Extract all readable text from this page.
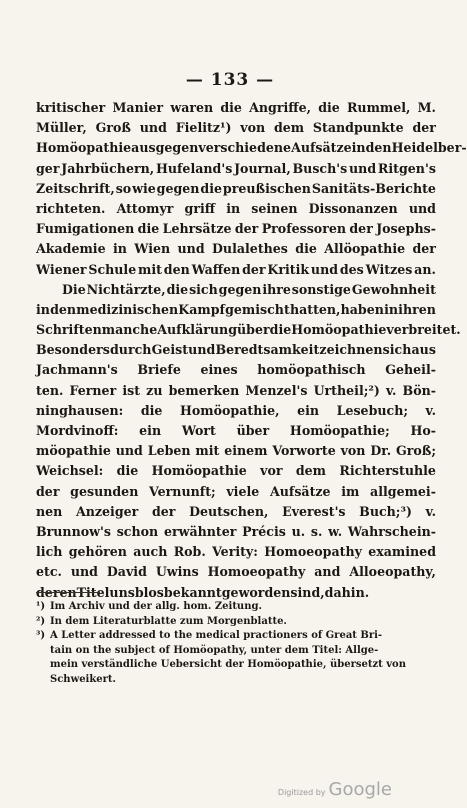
— 133 —
kritischer Manier waren die Angriffe, die Rummel, M.
Müller, Groß und Fielitz¹) von dem Standpunkte der
Homöopathie aus gegen verschiedene Aufsätze in den Heidelber-
ger Jahrbüchern, Hufeland's Journal, Busch's und Ritgen's
Zeitschrift, so wie gegen die preußischen Sanitäts-Berichte
richteten. Attomyr griff in seinen Dissonanzen und
Fumigationen die Lehrsätze der Professoren der Josephs-
Akademie in Wien und Dulalethes die Allöopathie der
Wiener Schule mit den Waffen der Kritik und des Witzes an.
Die Nichtärzte, die sich gegen ihre sonstige Gewohnheit
in den medizinischen Kampf gemischt hatten, haben in ihren
Schriften manche Aufklärung über die Homöopathie verbreitet.
Besonders durch Geist und Beredtsamkeit zeichnen sich aus
Jachmann's Briefe eines homöopathisch Geheil-
ten. Ferner ist zu bemerken Menzel's Urtheil;²) v. Bön-
ninghausen: die Homöopathie, ein Lesebuch; v.
Mordvinoff: ein Wort über Homöopathie; Ho-
möopathie und Leben mit einem Vorworte von Dr. Groß;
Weichsel: die Homöopathie vor dem Richterstuhle
der gesunden Vernunft; viele Aufsätze im allgemei-
nen Anzeiger der Deutschen, Everest's Buch;³) v.
Brunnow's schon erwähnter Précis u. s. w. Wahrschein-
lich gehören auch Rob. Verity: Homoeopathy examined
etc. und David Uwins Homoeopathy and Alloeopathy,
deren Titel uns blos bekannt geworden sind, dahin.
¹) Im Archiv und der allg. hom. Zeitung.
²) In dem Literaturblatte zum Morgenblatte.
³) A Letter addressed to the medical practioners of Great Bri-
tain on the subject of Homöopathy, unter dem Titel: Allge-
mein verständliche Uebersicht der Homöopathie, übersetzt von
Schweikert.
Digitized by Google
